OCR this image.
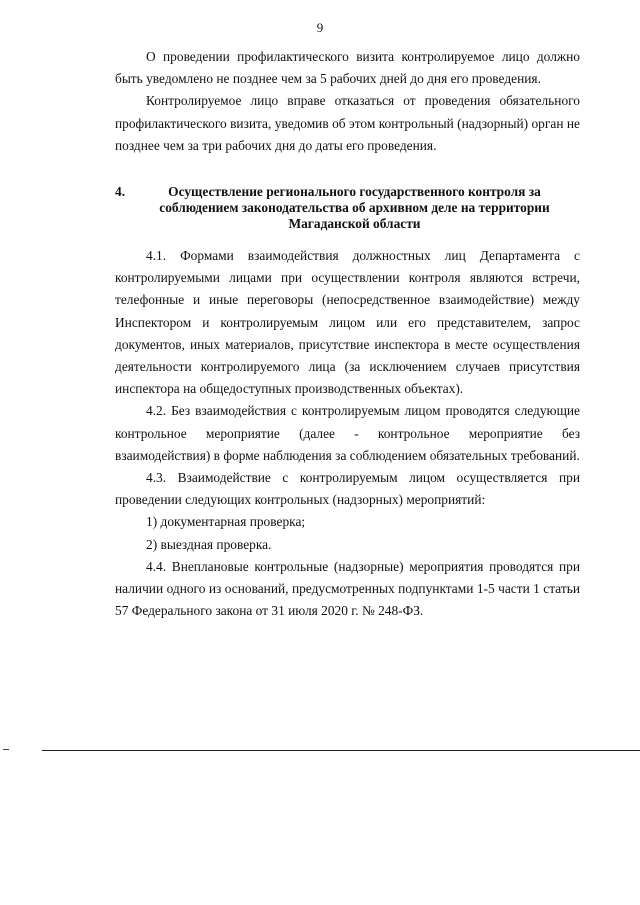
9

О проведении профилактического визита контролируемое лицо должно быть уведомлено не позднее чем за 5 рабочих дней до дня его проведения.

Контролируемое лицо вправе отказаться от проведения обязательного профилактического визита, уведомив об этом контрольный (надзорный) орган не позднее чем за три рабочих дня до даты его проведения.

4.	Осуществление регионального государственного контроля за соблюдением законодательства об архивном деле на территории Магаданской области

4.1. Формами взаимодействия должностных лиц Департамента с контролируемыми лицами при осуществлении контроля являются встречи, телефонные и иные переговоры (непосредственное взаимодействие) между Инспектором и контролируемым лицом или его представителем, запрос документов, иных материалов, присутствие инспектора в месте осуществления деятельности контролируемого лица (за исключением случаев присутствия инспектора на общедоступных производственных объектах).

4.2. Без взаимодействия с контролируемым лицом проводятся следующие контрольное мероприятие (далее - контрольное мероприятие без взаимодействия) в форме наблюдения за соблюдением обязательных требований.

4.3. Взаимодействие с контролируемым лицом осуществляется при проведении следующих контрольных (надзорных) мероприятий:

1) документарная проверка;

2) выездная проверка.

4.4. Внеплановые контрольные (надзорные) мероприятия проводятся при наличии одного из оснований, предусмотренных подпунктами 1-5 части 1 статьи 57 Федерального закона от 31 июля 2020 г. № 248-ФЗ.
